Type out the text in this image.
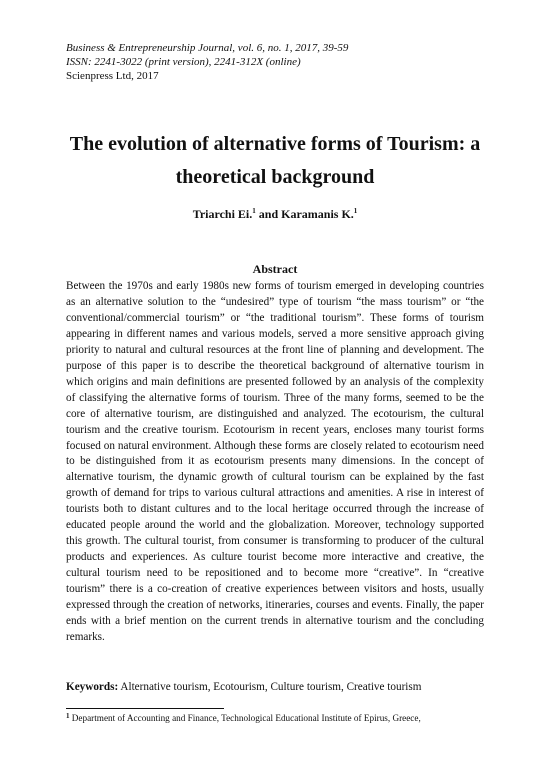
Business & Entrepreneurship Journal, vol. 6, no. 1, 2017, 39-59
ISSN: 2241-3022 (print version), 2241-312X (online)
Scienpress Ltd, 2017
The evolution of alternative forms of Tourism: a
theoretical background
Triarchi Ei.$^1$ and Karamanis K.$^1$
Abstract

Between the 1970s and early 1980s new forms of tourism emerged in developing countries as an alternative solution to the “undesired” type of tourism “the mass tourism” or “the conventional/commercial tourism” or “the traditional tourism”. These forms of tourism appearing in different names and various models, served a more sensitive approach giving priority to natural and cultural resources at the front line of planning and development. The purpose of this paper is to describe the theoretical background of alternative tourism in which origins and main definitions are presented followed by an analysis of the complexity of classifying the alternative forms of tourism. Three of the many forms, seemed to be the core of alternative tourism, are distinguished and analyzed. The ecotourism, the cultural tourism and the creative tourism. Ecotourism in recent years, encloses many tourist forms focused on natural environment. Although these forms are closely related to ecotourism need to be distinguished from it as ecotourism presents many dimensions. In the concept of alternative tourism, the dynamic growth of cultural tourism can be explained by the fast growth of demand for trips to various cultural attractions and amenities. A rise in interest of tourists both to distant cultures and to the local heritage occurred through the increase of educated people around the world and the globalization. Moreover, technology supported this growth. The cultural tourist, from consumer is transforming to producer of the cultural products and experiences. As culture tourist become more interactive and creative, the cultural tourism need to be repositioned and to become more “creative”. In “creative tourism” there is a co-creation of creative experiences between visitors and hosts, usually expressed through the creation of networks, itineraries, courses and events. Finally, the paper ends with a brief mention on the current trends in alternative tourism and the concluding remarks.

Keywords: Alternative tourism, Ecotourism, Culture tourism, Creative tourism

$^1$ Department of Accounting and Finance, Technological Educational Institute of Epirus, Greece,
